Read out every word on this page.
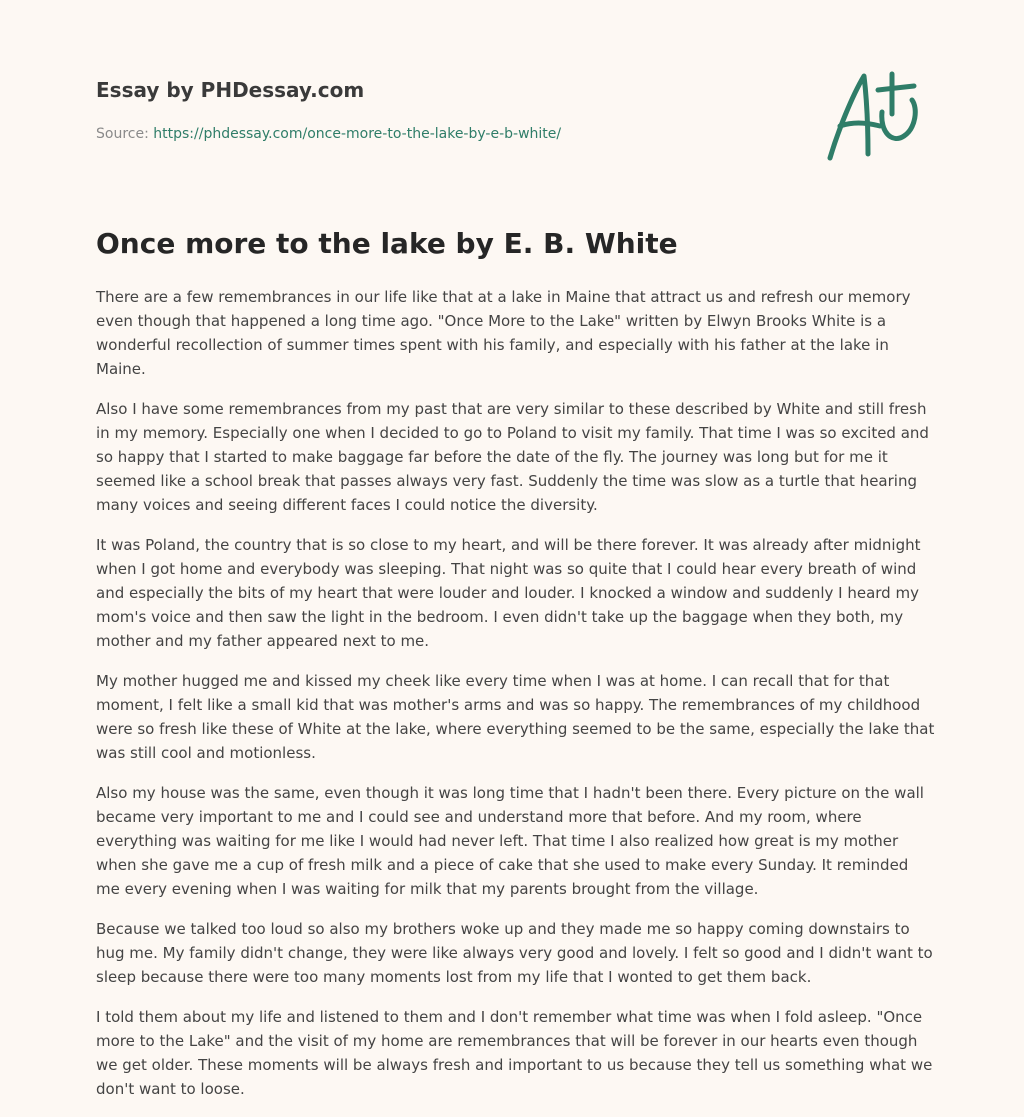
Essay by PHDessay.com
Source: https://phdessay.com/once-more-to-the-lake-by-e-b-white/
Once more to the lake by E. B. White

There are a few remembrances in our life like that at a lake in Maine that attract us and refresh our memory even though that happened a long time ago. "Once More to the Lake" written by Elwyn Brooks White is a wonderful recollection of summer times spent with his family, and especially with his father at the lake in Maine.

Also I have some remembrances from my past that are very similar to these described by White and still fresh in my memory. Especially one when I decided to go to Poland to visit my family. That time I was so excited and so happy that I started to make baggage far before the date of the fly. The journey was long but for me it seemed like a school break that passes always very fast. Suddenly the time was slow as a turtle that hearing many voices and seeing different faces I could notice the diversity.

It was Poland, the country that is so close to my heart, and will be there forever. It was already after midnight when I got home and everybody was sleeping. That night was so quite that I could hear every breath of wind and especially the bits of my heart that were louder and louder. I knocked a window and suddenly I heard my mom's voice and then saw the light in the bedroom. I even didn't take up the baggage when they both, my mother and my father appeared next to me.

My mother hugged me and kissed my cheek like every time when I was at home. I can recall that for that moment, I felt like a small kid that was mother's arms and was so happy. The remembrances of my childhood were so fresh like these of White at the lake, where everything seemed to be the same, especially the lake that was still cool and motionless.

Also my house was the same, even though it was long time that I hadn't been there. Every picture on the wall became very important to me and I could see and understand more that before. And my room, where everything was waiting for me like I would had never left. That time I also realized how great is my mother when she gave me a cup of fresh milk and a piece of cake that she used to make every Sunday. It reminded me every evening when I was waiting for milk that my parents brought from the village.

Because we talked too loud so also my brothers woke up and they made me so happy coming downstairs to hug me. My family didn't change, they were like always very good and lovely. I felt so good and I didn't want to sleep because there were too many moments lost from my life that I wonted to get them back.

I told them about my life and listened to them and I don't remember what time was when I fold asleep. "Once more to the Lake" and the visit of my home are remembrances that will be forever in our hearts even though we get older. These moments will be always fresh and important to us because they tell us something what we don't want to loose.
